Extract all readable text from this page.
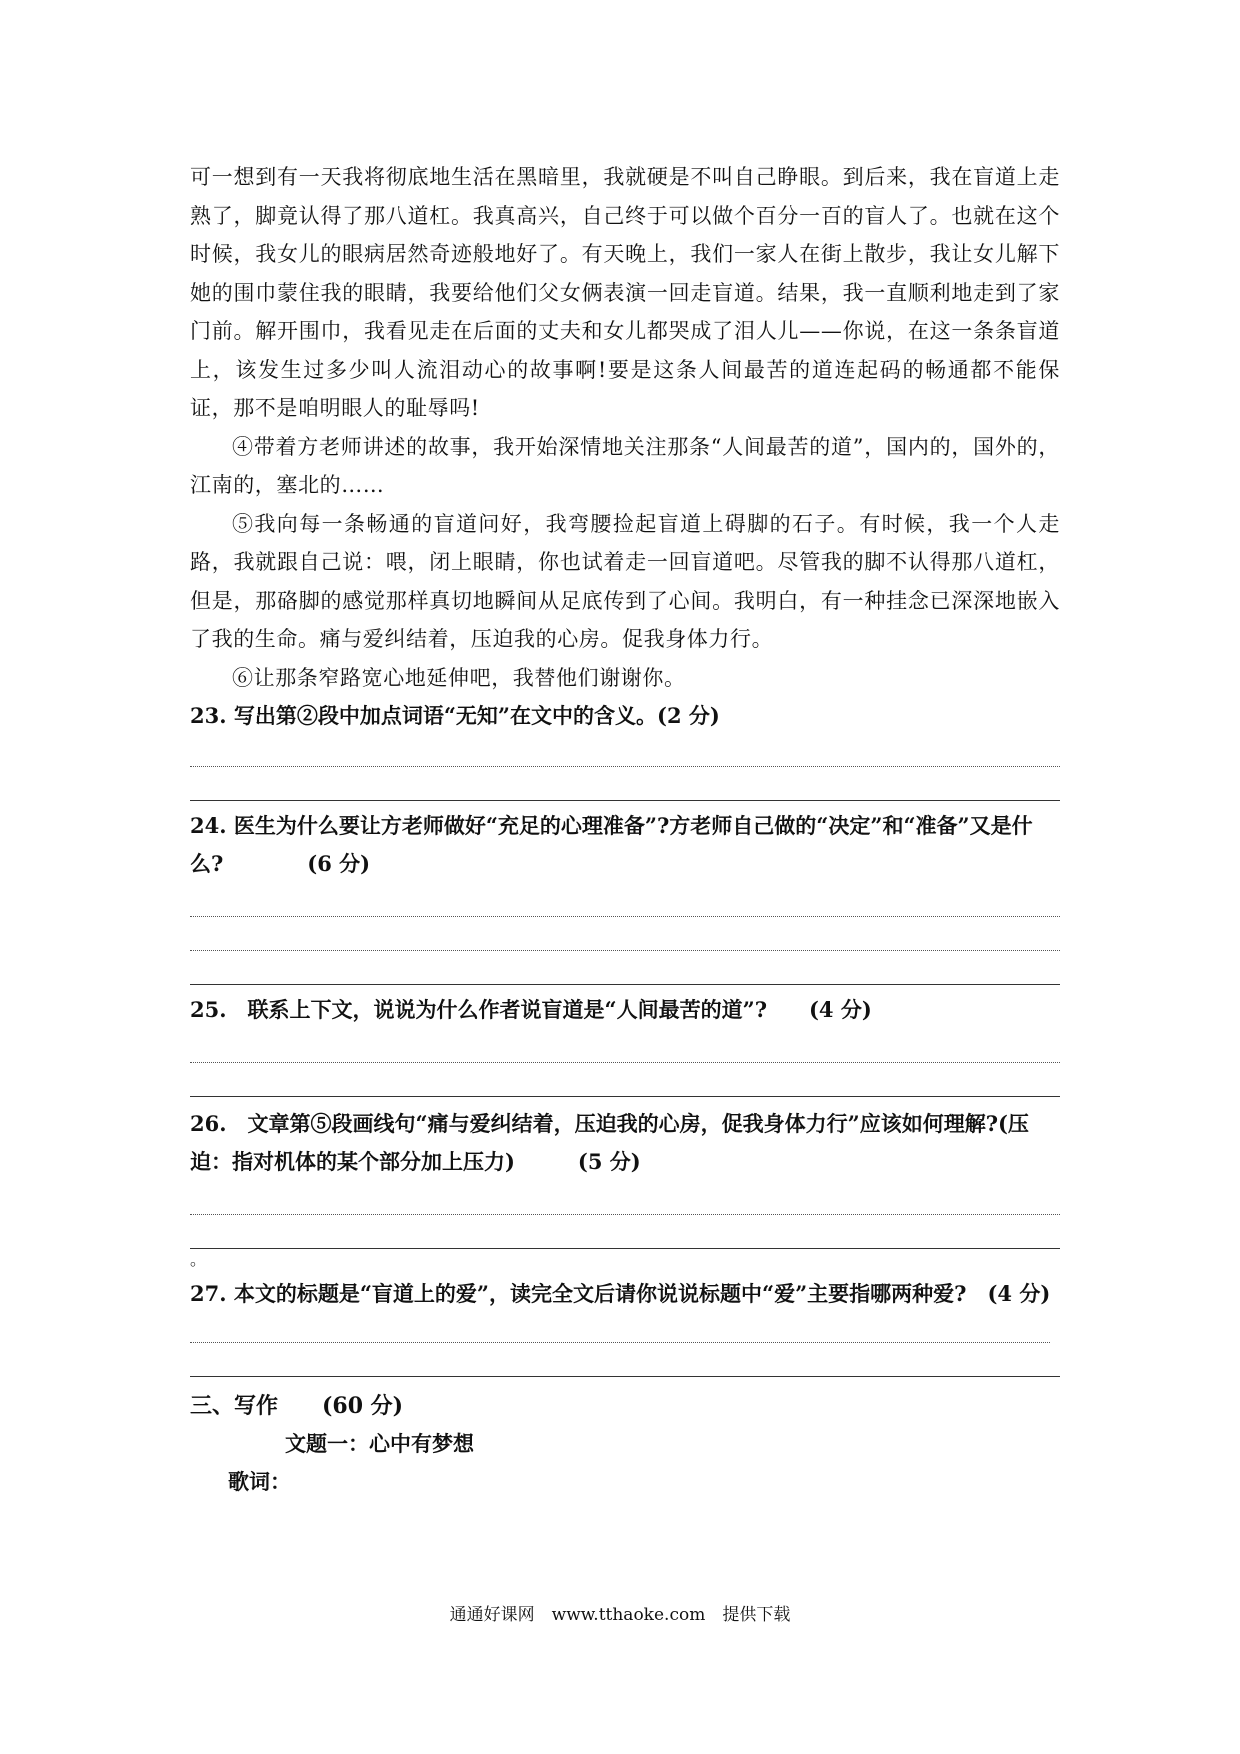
可一想到有一天我将彻底地生活在黑暗里，我就硬是不叫自己睁眼。到后来，我在盲道上走熟了，脚竟认得了那八道杠。我真高兴，自己终于可以做个百分一百的盲人了。也就在这个时候，我女儿的眼病居然奇迹般地好了。有天晚上，我们一家人在街上散步，我让女儿解下她的围巾蒙住我的眼睛，我要给他们父女俩表演一回走盲道。结果，我一直顺利地走到了家门前。解开围巾，我看见走在后面的丈夫和女儿都哭成了泪人儿——你说，在这一条条盲道上，该发生过多少叫人流泪动心的故事啊!要是这条人间最苦的道连起码的畅通都不能保证，那不是咱明眼人的耻辱吗!

④带着方老师讲述的故事，我开始深情地关注那条“人间最苦的道”，国内的，国外的，江南的，塞北的……

⑤我向每一条畅通的盲道问好，我弯腰捡起盲道上碍脚的石子。有时候，我一个人走路，我就跟自己说：喂，闭上眼睛，你也试着走一回盲道吧。尽管我的脚不认得那八道杠，但是，那硌脚的感觉那样真切地瞬间从足底传到了心间。我明白，有一种挂念已深深地嵌入了我的生命。痛与爱纠结着，压迫我的心房。促我身体力行。

⑥让那条窄路宽心地延伸吧，我替他们谢谢你。

23. 写出第②段中加点词语“无知”在文中的含义。(2 分)

24. 医生为什么要让方老师做好“充足的心理准备”?方老师自己做的“决定”和“准备”又是什么?　　　　(6 分)

25.　联系上下文，说说为什么作者说盲道是“人间最苦的道”?　　(4 分)

26.　文章第⑤段画线句“痛与爱纠结着，压迫我的心房，促我身体力行”应该如何理解?(压迫：指对机体的某个部分加上压力)　　　(5 分)

。

27. 本文的标题是“盲道上的爱”，读完全文后请你说说标题中“爱”主要指哪两种爱?　(4 分)

三、写作　　(60 分)

文题一：心中有梦想

歌词：

通通好课网　www.tthaoke.com　提供下载
